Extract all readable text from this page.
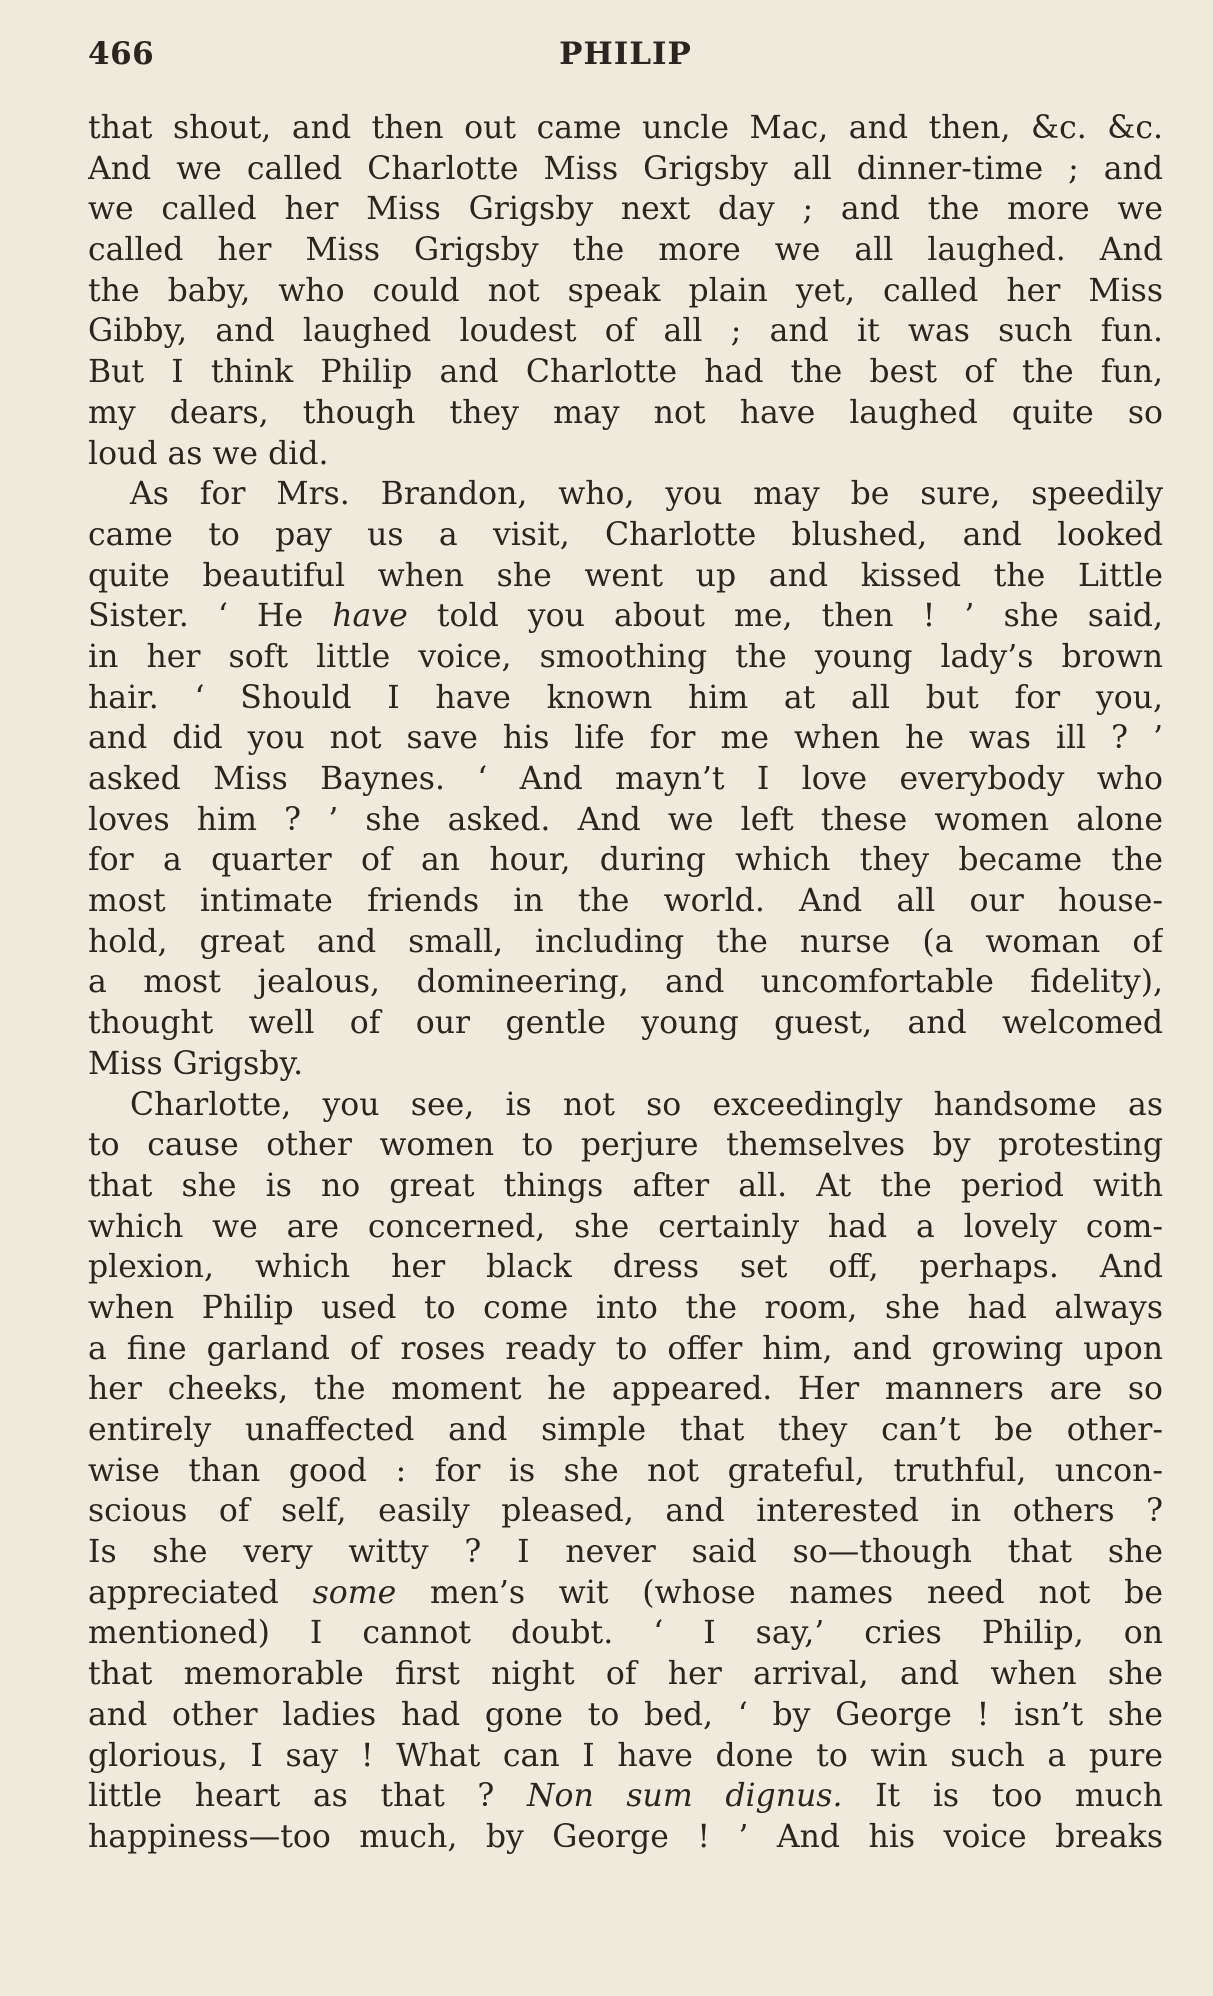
466	PHILIP
that shout, and then out came uncle Mac, and then, &c. &c.
And we called Charlotte Miss Grigsby all dinner-time ; and
we called her Miss Grigsby next day ; and the more we
called her Miss Grigsby the more we all laughed. And
the baby, who could not speak plain yet, called her Miss
Gibby, and laughed loudest of all ; and it was such fun.
But I think Philip and Charlotte had the best of the fun,
my dears, though they may not have laughed quite so
loud as we did.
As for Mrs. Brandon, who, you may be sure, speedily
came to pay us a visit, Charlotte blushed, and looked
quite beautiful when she went up and kissed the Little
Sister. ‘ He have told you about me, then ! ’ she said,
in her soft little voice, smoothing the young lady’s brown
hair. ‘ Should I have known him at all but for you,
and did you not save his life for me when he was ill ? ’
asked Miss Baynes. ‘ And mayn’t I love everybody who
loves him ? ’ she asked. And we left these women alone
for a quarter of an hour, during which they became the
most intimate friends in the world. And all our house-
hold, great and small, including the nurse (a woman of
a most jealous, domineering, and uncomfortable fidelity),
thought well of our gentle young guest, and welcomed
Miss Grigsby.
Charlotte, you see, is not so exceedingly handsome as
to cause other women to perjure themselves by protesting
that she is no great things after all. At the period with
which we are concerned, she certainly had a lovely com-
plexion, which her black dress set off, perhaps. And
when Philip used to come into the room, she had always
a fine garland of roses ready to offer him, and growing upon
her cheeks, the moment he appeared. Her manners are so
entirely unaffected and simple that they can’t be other-
wise than good : for is she not grateful, truthful, uncon-
scious of self, easily pleased, and interested in others ?
Is she very witty ? I never said so—though that she
appreciated some men’s wit (whose names need not be
mentioned) I cannot doubt. ‘ I say,’ cries Philip, on
that memorable first night of her arrival, and when she
and other ladies had gone to bed, ‘ by George ! isn’t she
glorious, I say ! What can I have done to win such a pure
little heart as that ? Non sum dignus. It is too much
happiness—too much, by George ! ’ And his voice breaks
